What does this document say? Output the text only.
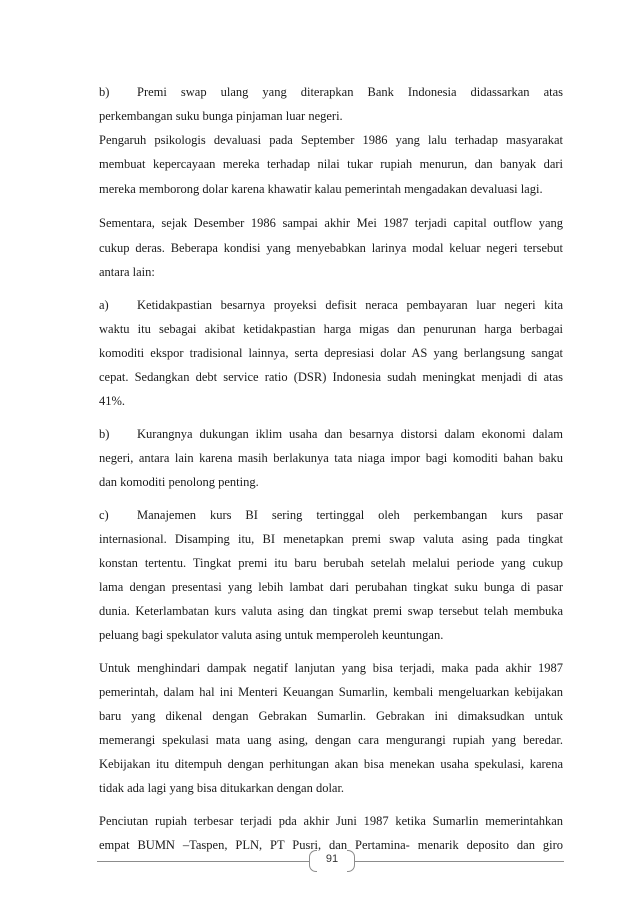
b)	Premi swap ulang yang diterapkan Bank Indonesia didassarkan atas
perkembangan suku bunga pinjaman luar negeri.
Pengaruh psikologis devaluasi pada September 1986 yang lalu terhadap masyarakat
membuat kepercayaan mereka terhadap nilai tukar rupiah menurun, dan banyak dari
mereka memborong dolar karena khawatir kalau pemerintah mengadakan devaluasi lagi.
Sementara, sejak Desember 1986 sampai akhir Mei 1987 terjadi capital outflow yang
cukup deras. Beberapa kondisi yang menyebabkan larinya modal keluar negeri tersebut
antara lain:
a)	Ketidakpastian besarnya proyeksi defisit neraca pembayaran luar negeri kita
waktu itu sebagai akibat ketidakpastian harga migas dan penurunan harga berbagai
komoditi ekspor tradisional lainnya, serta depresiasi dolar AS yang berlangsung sangat
cepat. Sedangkan debt service ratio (DSR) Indonesia sudah meningkat menjadi di atas
41%.
b)	Kurangnya dukungan iklim usaha dan besarnya distorsi dalam ekonomi dalam
negeri, antara lain karena masih berlakunya tata niaga impor bagi komoditi bahan baku
dan komoditi penolong penting.
c)	Manajemen kurs BI sering tertinggal oleh perkembangan kurs pasar
internasional. Disamping itu, BI menetapkan premi swap valuta asing pada tingkat
konstan tertentu. Tingkat premi itu baru berubah setelah melalui periode yang cukup
lama dengan presentasi yang lebih lambat dari perubahan tingkat suku bunga di pasar
dunia. Keterlambatan kurs valuta asing dan tingkat premi swap tersebut telah membuka
peluang bagi spekulator valuta asing untuk memperoleh keuntungan.
Untuk menghindari dampak negatif lanjutan yang bisa terjadi, maka pada akhir 1987
pemerintah, dalam hal ini Menteri Keuangan Sumarlin, kembali mengeluarkan kebijakan
baru yang dikenal dengan Gebrakan Sumarlin. Gebrakan ini dimaksudkan untuk
memerangi spekulasi mata uang asing, dengan cara mengurangi rupiah yang beredar.
Kebijakan itu ditempuh dengan perhitungan akan bisa menekan usaha spekulasi, karena
tidak ada lagi yang bisa ditukarkan dengan dolar.
Penciutan rupiah terbesar terjadi pda akhir Juni 1987 ketika Sumarlin memerintahkan
empat BUMN –Taspen, PLN, PT Pusri, dan Pertamina- menarik deposito dan giro
91
